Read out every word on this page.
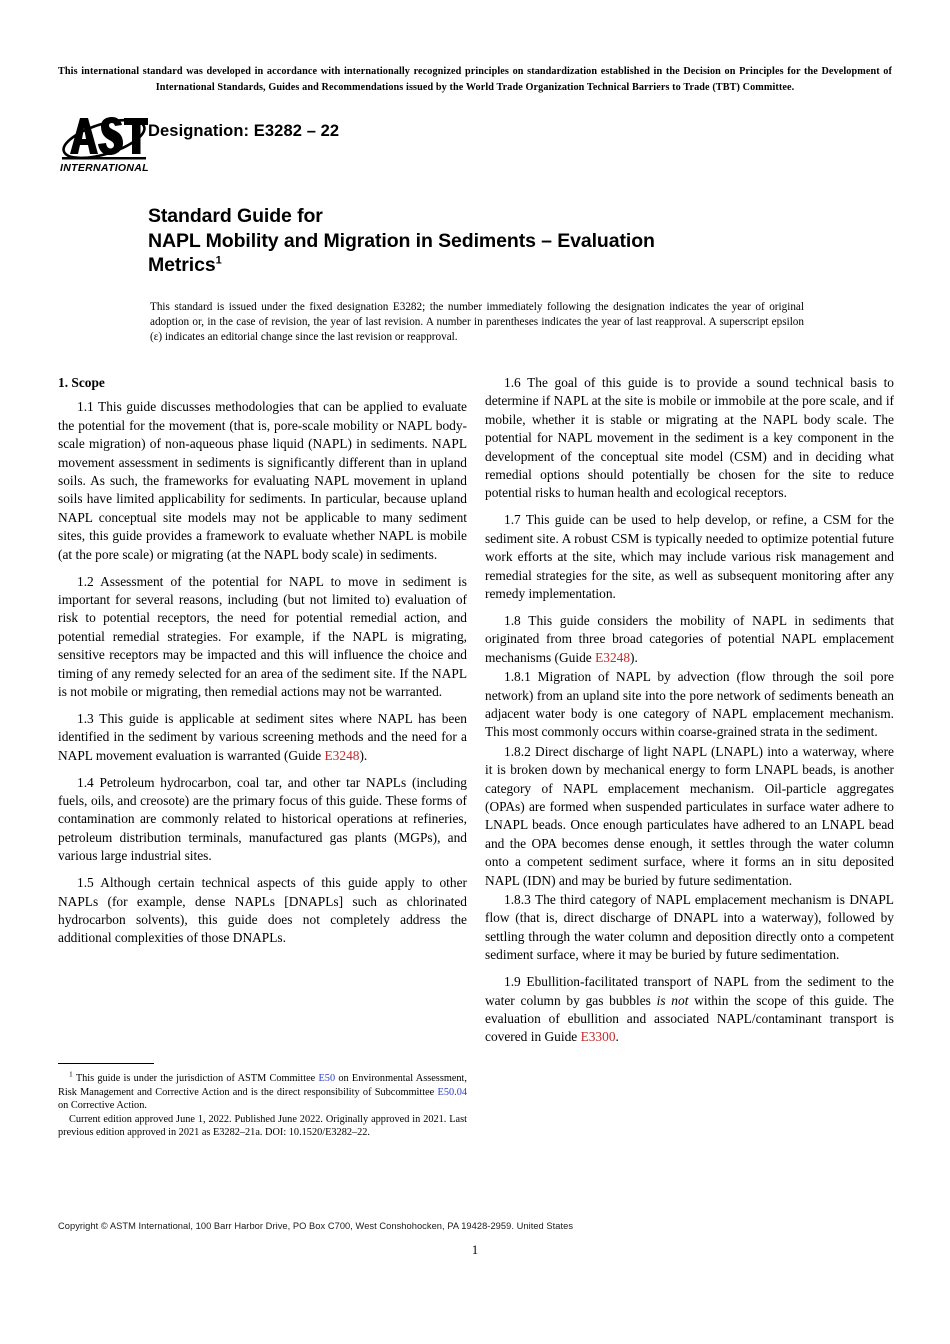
This international standard was developed in accordance with internationally recognized principles on standardization established in the Decision on Principles for the Development of International Standards, Guides and Recommendations issued by the World Trade Organization Technical Barriers to Trade (TBT) Committee.
INTERNATIONAL
Designation: E3282 – 22
Standard Guide for
NAPL Mobility and Migration in Sediments – Evaluation
Metrics$^1$
This standard is issued under the fixed designation E3282; the number immediately following the designation indicates the year of original adoption or, in the case of revision, the year of last revision. A number in parentheses indicates the year of last reapproval. A superscript epsilon (ε) indicates an editorial change since the last revision or reapproval.
1. Scope

1.1 This guide discusses methodologies that can be applied to evaluate the potential for the movement (that is, pore-scale mobility or NAPL body-scale migration) of non-aqueous phase liquid (NAPL) in sediments. NAPL movement assessment in sediments is significantly different than in upland soils. As such, the frameworks for evaluating NAPL movement in upland soils have limited applicability for sediments. In particular, because upland NAPL conceptual site models may not be applicable to many sediment sites, this guide provides a framework to evaluate whether NAPL is mobile (at the pore scale) or migrating (at the NAPL body scale) in sediments.

1.2 Assessment of the potential for NAPL to move in sediment is important for several reasons, including (but not limited to) evaluation of risk to potential receptors, the need for potential remedial action, and potential remedial strategies. For example, if the NAPL is migrating, sensitive receptors may be impacted and this will influence the choice and timing of any remedy selected for an area of the sediment site. If the NAPL is not mobile or migrating, then remedial actions may not be warranted.

1.3 This guide is applicable at sediment sites where NAPL has been identified in the sediment by various screening methods and the need for a NAPL movement evaluation is warranted (Guide E3248).

1.4 Petroleum hydrocarbon, coal tar, and other tar NAPLs (including fuels, oils, and creosote) are the primary focus of this guide. These forms of contamination are commonly related to historical operations at refineries, petroleum distribution terminals, manufactured gas plants (MGPs), and various large industrial sites.

1.5 Although certain technical aspects of this guide apply to other NAPLs (for example, dense NAPLs [DNAPLs] such as chlorinated hydrocarbon solvents), this guide does not completely address the additional complexities of those DNAPLs.

1.6 The goal of this guide is to provide a sound technical basis to determine if NAPL at the site is mobile or immobile at the pore scale, and if mobile, whether it is stable or migrating at the NAPL body scale. The potential for NAPL movement in the sediment is a key component in the development of the conceptual site model (CSM) and in deciding what remedial options should potentially be chosen for the site to reduce potential risks to human health and ecological receptors.

1.7 This guide can be used to help develop, or refine, a CSM for the sediment site. A robust CSM is typically needed to optimize potential future work efforts at the site, which may include various risk management and remedial strategies for the site, as well as subsequent monitoring after any remedy implementation.

1.8 This guide considers the mobility of NAPL in sediments that originated from three broad categories of potential NAPL emplacement mechanisms (Guide E3248).

1.8.1 Migration of NAPL by advection (flow through the soil pore network) from an upland site into the pore network of sediments beneath an adjacent water body is one category of NAPL emplacement mechanism. This most commonly occurs within coarse-grained strata in the sediment.

1.8.2 Direct discharge of light NAPL (LNAPL) into a waterway, where it is broken down by mechanical energy to form LNAPL beads, is another category of NAPL emplacement mechanism. Oil-particle aggregates (OPAs) are formed when suspended particulates in surface water adhere to LNAPL beads. Once enough particulates have adhered to an LNAPL bead and the OPA becomes dense enough, it settles through the water column onto a competent sediment surface, where it forms an in situ deposited NAPL (IDN) and may be buried by future sedimentation.

1.8.3 The third category of NAPL emplacement mechanism is DNAPL flow (that is, direct discharge of DNAPL into a waterway), followed by settling through the water column and deposition directly onto a competent sediment surface, where it may be buried by future sedimentation.

1.9 Ebullition-facilitated transport of NAPL from the sediment to the water column by gas bubbles is not within the scope of this guide. The evaluation of ebullition and associated NAPL/contaminant transport is covered in Guide E3300.

$^1$ This guide is under the jurisdiction of ASTM Committee E50 on Environmental Assessment, Risk Management and Corrective Action and is the direct responsibility of Subcommittee E50.04 on Corrective Action.

Current edition approved June 1, 2022. Published June 2022. Originally approved in 2021. Last previous edition approved in 2021 as E3282–21a. DOI: 10.1520/E3282–22.

Copyright © ASTM International, 100 Barr Harbor Drive, PO Box C700, West Conshohocken, PA 19428-2959. United States
1
